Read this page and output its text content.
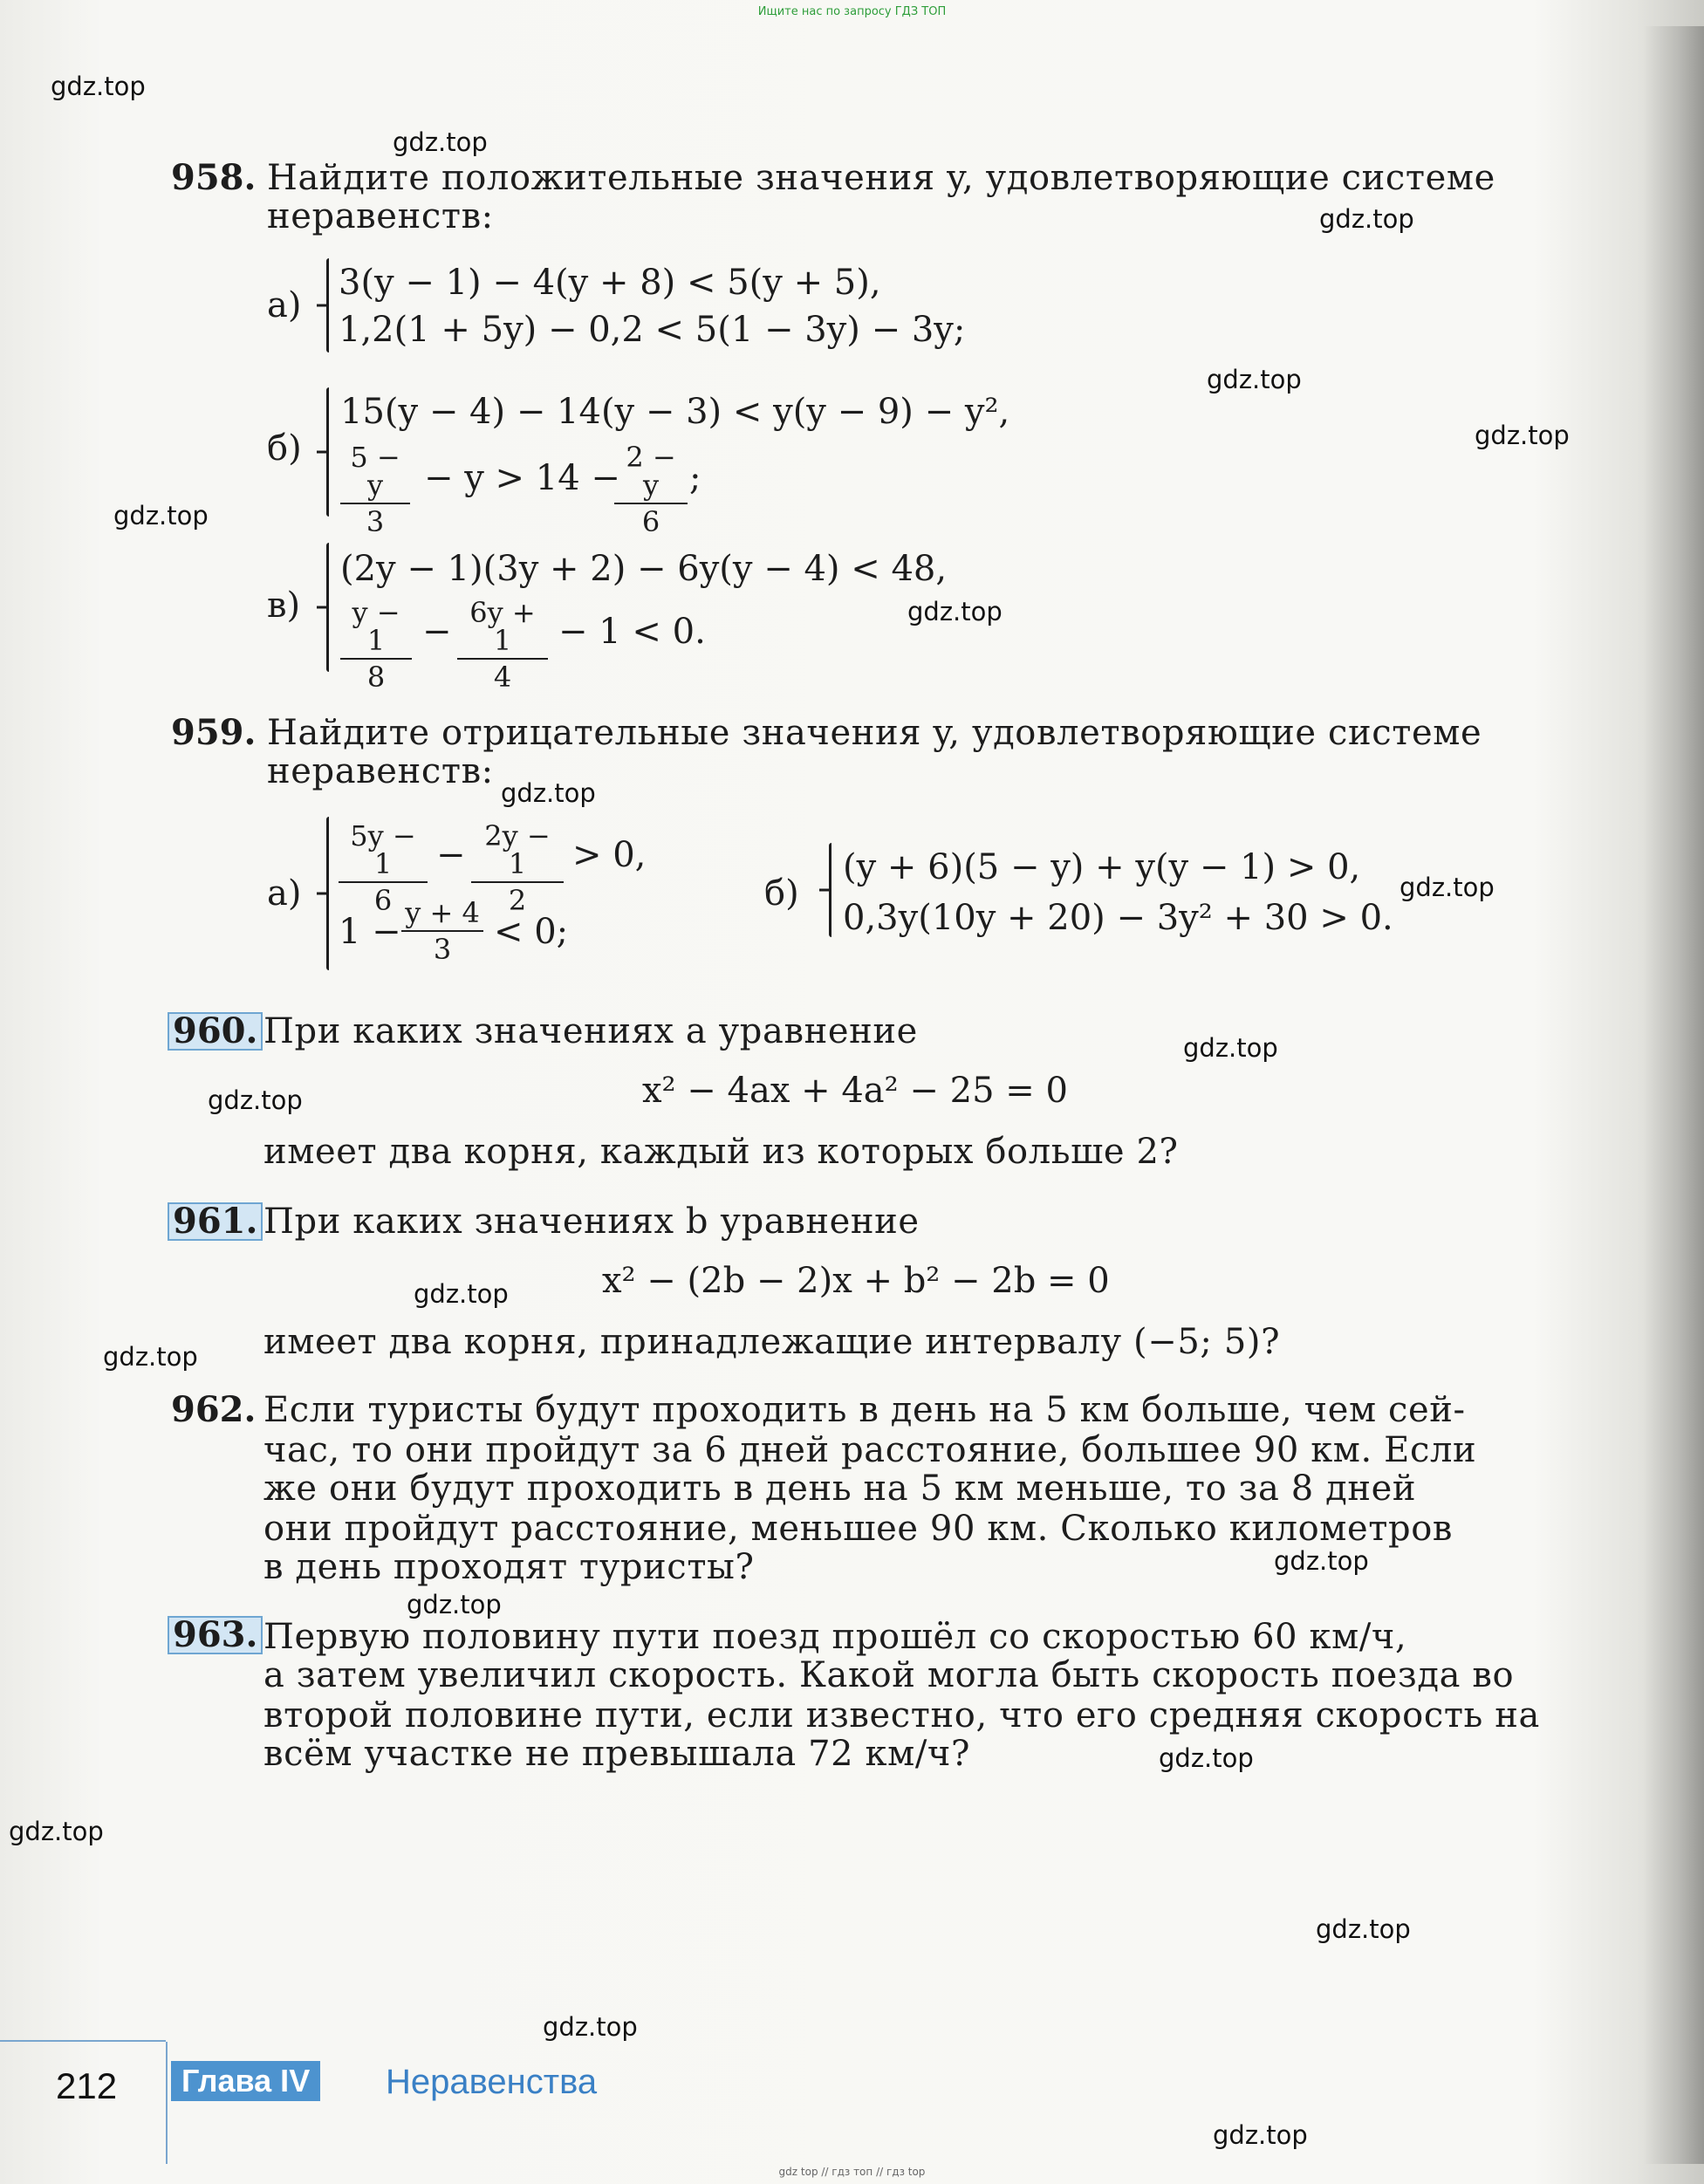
Ищите нас по запросу ГДЗ ТОП
gdz.top
gdz.top
gdz.top
gdz.top
gdz.top
gdz.top
gdz.top
gdz.top
gdz.top
gdz.top
gdz.top
gdz.top
gdz.top
gdz.top
gdz.top
gdz.top
gdz.top
gdz.top
gdz.top
gdz.top
958. Найдите положительные значения y, удовлетворяющие системе
неравенств:
а)
3(y − 1) − 4(y + 8) < 5(y + 5),
1,2(1 + 5y) − 0,2 < 5(1 − 3y) − 3y;
б)
15(y − 4) − 14(y − 3) < y(y − 9) − y²,
5 − y
3
− y > 14 −
2 − y
6
;
в)
(2y − 1)(3y + 2) − 6y(y − 4) < 48,
y − 1
8
− 6y + 1
4
− 1 < 0.
959. Найдите отрицательные значения y, удовлетворяющие системе
неравенств:
а)
5y − 1
6
− 2y − 1
2
> 0,
1 − y + 4
3	< 0;
б)
(y + 6)(5 − y) + y(y − 1) > 0,
0,3y(10y + 20) − 3y² + 30 > 0.
960. При каких значениях a уравнение
x² − 4ax + 4a² − 25 = 0
имеет два корня, каждый из которых больше 2?
961. При каких значениях b уравнение
x² − (2b − 2)x + b² − 2b = 0
имеет два корня, принадлежащие интервалу (−5; 5)?
962. Если туристы будут проходить в день на 5 км больше, чем сей-
час, то они пройдут за 6 дней расстояние, большее 90 км. Если
же они будут проходить в день на 5 км меньше, то за 8 дней
они пройдут расстояние, меньшее 90 км. Сколько километров
в день проходят туристы?
963. Первую половину пути поезд прошёл со скоростью 60 км/ч,
а затем увеличил скорость. Какой могла быть скорость поезда во
второй половине пути, если известно, что его средняя скорость на
всём участке не превышала 72 км/ч?
212	Глава IV	Неравенства
gdz top // гдз топ // гдз top
